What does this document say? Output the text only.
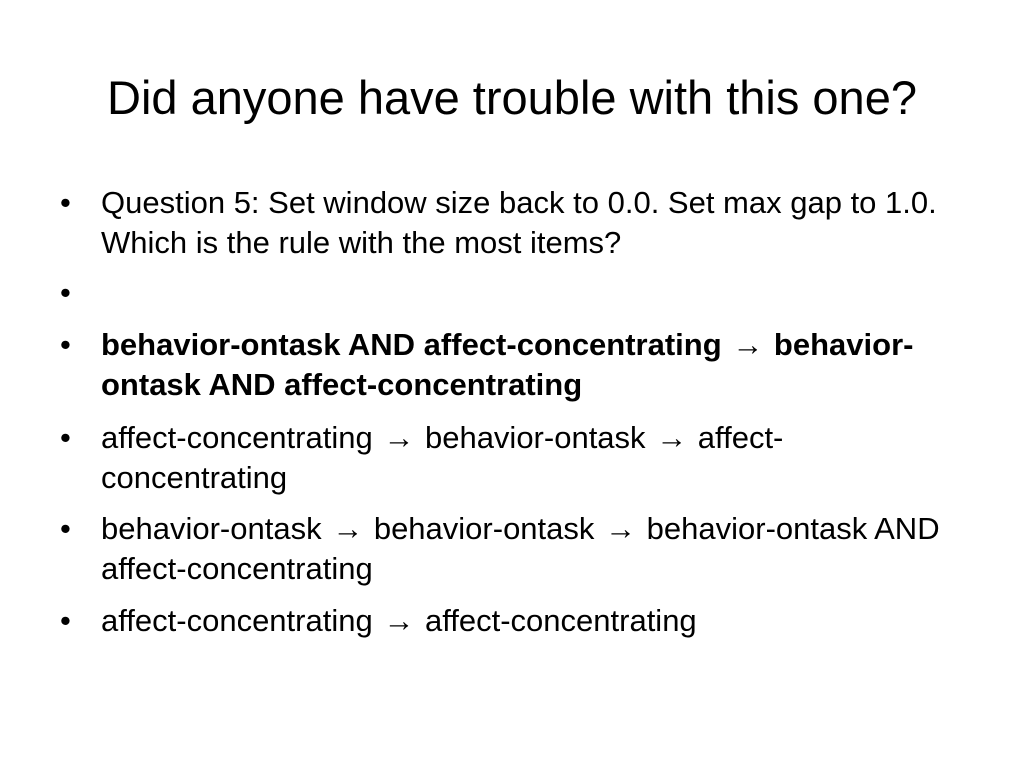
Did anyone have trouble with this one?
• Question 5: Set window size back to 0.0. Set max gap to 1.0. Which is the rule with the most items?
•
• behavior-ontask AND affect-concentrating → behavior-ontask AND affect-concentrating
• affect-concentrating → behavior-ontask → affect-concentrating
• behavior-ontask → behavior-ontask → behavior-ontask AND affect-concentrating
• affect-concentrating → affect-concentrating
